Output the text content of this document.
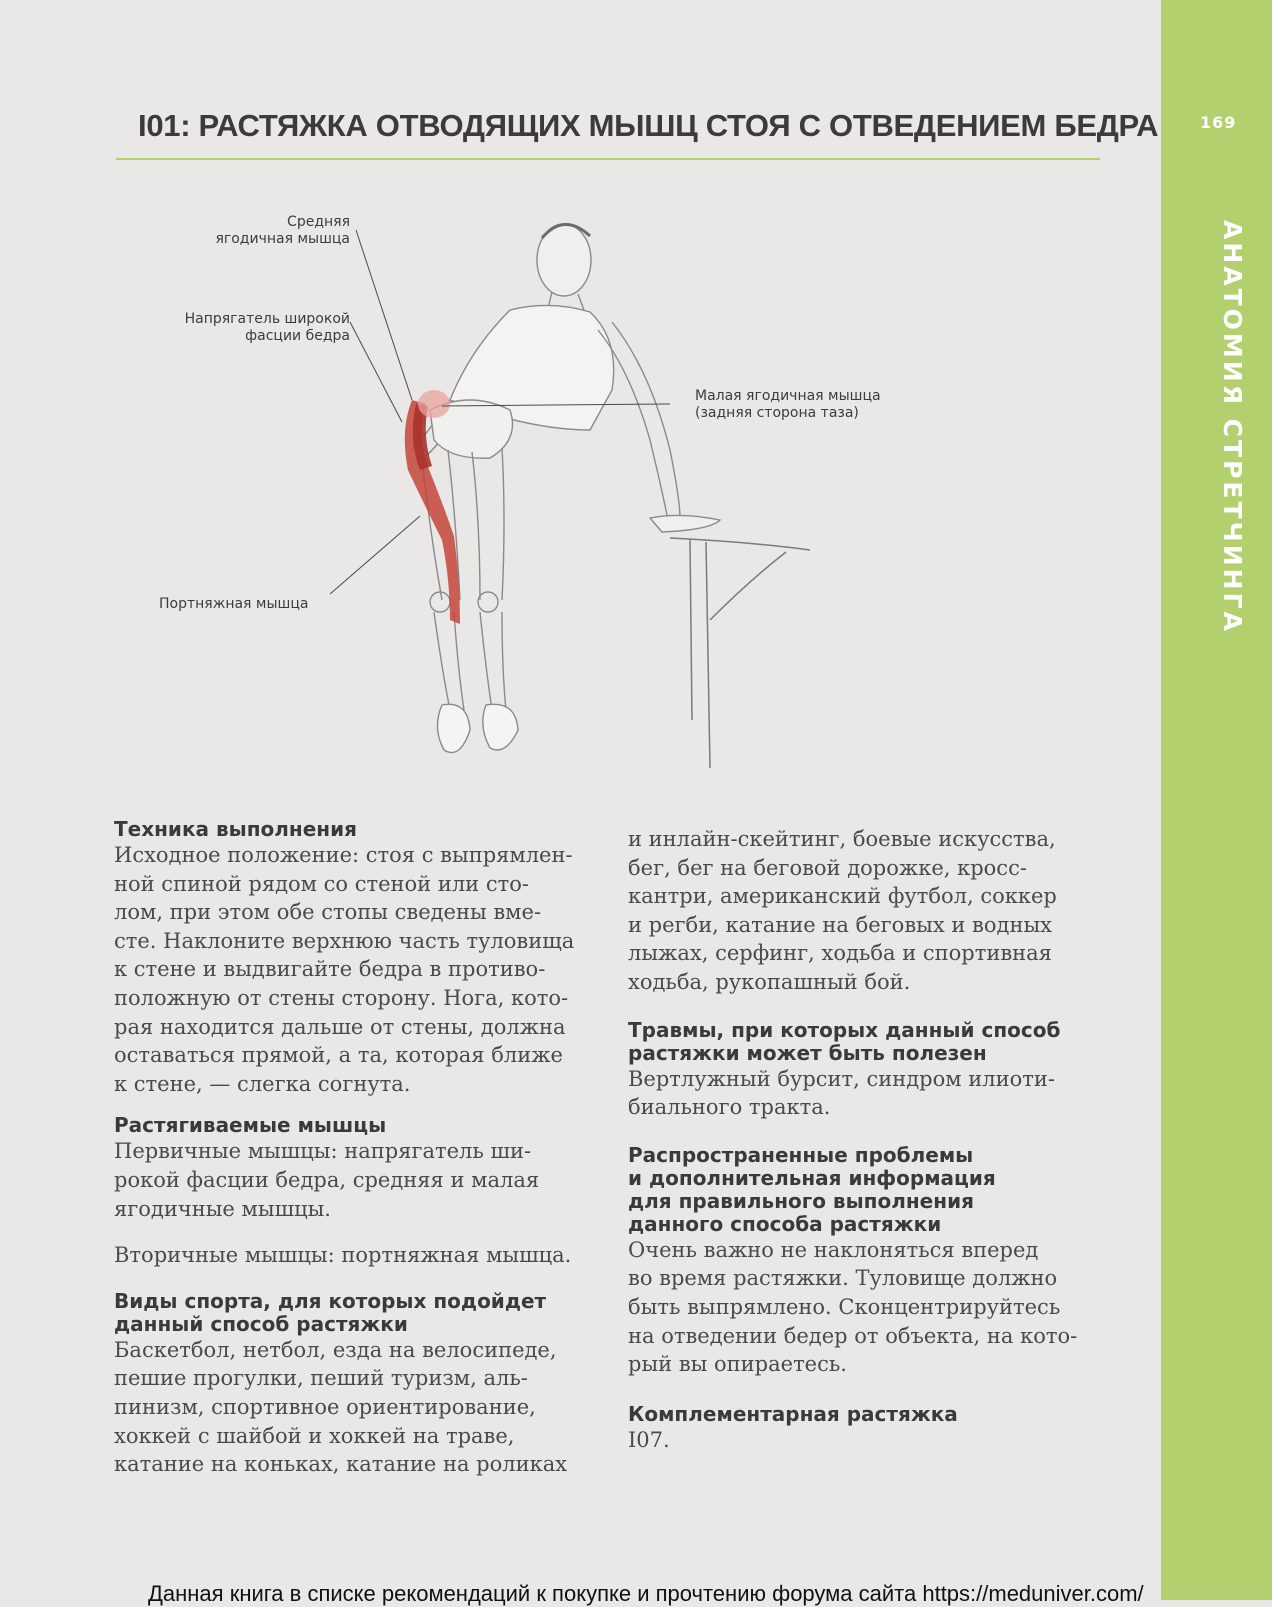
169
АНАТОМИЯ СТРЕТЧИНГА
I01: РАСТЯЖКА ОТВОДЯЩИХ МЫШЦ СТОЯ С ОТВЕДЕНИЕМ БЕДРА
Средняя
ягодичная мышца
Напрягатель широкой
фасции бедра
Малая ягодичная мышца
(задняя сторона таза)
Портняжная мышца
Техника выполнения

Исходное положение: стоя с выпрямлен-

ной спиной рядом со стеной или сто-

лом, при этом обе стопы сведены вме-

сте. Наклоните верхнюю часть туловища

к стене и выдвигайте бедра в противо-

положную от стены сторону. Нога, кото-

рая находится дальше от стены, должна

оставаться прямой, а та, которая ближе

к стене, — слегка согнута.

Растягиваемые мышцы

Первичные мышцы: напрягатель ши-

рокой фасции бедра, средняя и малая

ягодичные мышцы.

Вторичные мышцы: портняжная мышца.

Виды спорта, для которых подойдет
данный способ растяжки

Баскетбол, нетбол, езда на велосипеде,

пешие прогулки, пеший туризм, аль-

пинизм, спортивное ориентирование,

хоккей с шайбой и хоккей на траве,

катание на коньках, катание на роликах

и инлайн-скейтинг, боевые искусства,

бег, бег на беговой дорожке, кросс-

кантри, американский футбол, соккер

и регби, катание на беговых и водных

лыжах, серфинг, ходьба и спортивная

ходьба, рукопашный бой.

Травмы, при которых данный способ
растяжки может быть полезен

Вертлужный бурсит, синдром илиоти-

биального тракта.

Распространенные проблемы
и дополнительная информация
для правильного выполнения
данного способа растяжки

Очень важно не наклоняться вперед

во время растяжки. Туловище должно

быть выпрямлено. Сконцентрируйтесь

на отведении бедер от объекта, на кото-

рый вы опираетесь.

Комплементарная растяжка

I07.

Данная книга в списке рекомендаций к покупке и прочтению форума сайта https://meduniver.com/
